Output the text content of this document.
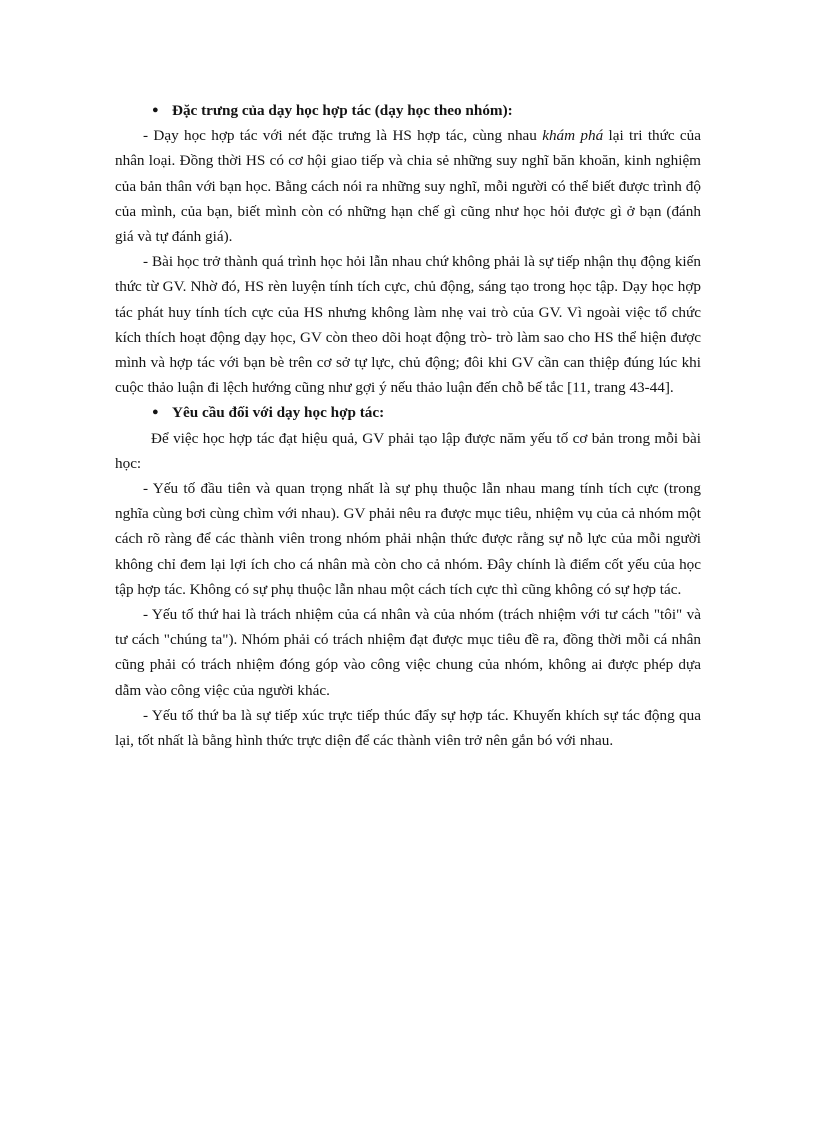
● Đặc trưng của dạy học hợp tác (dạy học theo nhóm):

- Dạy học hợp tác với nét đặc trưng là HS hợp tác, cùng nhau khám phá lại tri thức của nhân loại. Đồng thời HS có cơ hội giao tiếp và chia sẻ những suy nghĩ băn khoăn, kinh nghiệm của bản thân với bạn học. Bằng cách nói ra những suy nghĩ, mỗi người có thể biết được trình độ của mình, của bạn, biết mình còn có những hạn chế gì cũng như học hỏi được gì ở bạn (đánh giá và tự đánh giá).

- Bài học trở thành quá trình học hỏi lẫn nhau chứ không phải là sự tiếp nhận thụ động kiến thức từ GV. Nhờ đó, HS rèn luyện tính tích cực, chủ động, sáng tạo trong học tập. Dạy học hợp tác phát huy tính tích cực của HS nhưng không làm nhẹ vai trò của GV. Vì ngoài việc tổ chức kích thích hoạt động dạy học, GV còn theo dõi hoạt động trò- trò làm sao cho HS thể hiện được mình và hợp tác với bạn bè trên cơ sở tự lực, chủ động; đôi khi GV cần can thiệp đúng lúc khi cuộc thảo luận đi lệch hướng cũng như gợi ý nếu thảo luận đến chỗ bế tắc [11, trang 43-44].

● Yêu cầu đối với dạy học hợp tác:

Để việc học hợp tác đạt hiệu quả, GV phải tạo lập được năm yếu tố cơ bản trong mỗi bài học:

- Yếu tố đầu tiên và quan trọng nhất là sự phụ thuộc lẫn nhau mang tính tích cực (trong nghĩa cùng bơi cùng chìm với nhau). GV phải nêu ra được mục tiêu, nhiệm vụ của cả nhóm một cách rõ ràng để các thành viên trong nhóm phải nhận thức được rằng sự nỗ lực của mỗi người không chỉ đem lại lợi ích cho cá nhân mà còn cho cả nhóm. Đây chính là điểm cốt yếu của học tập hợp tác. Không có sự phụ thuộc lẫn nhau một cách tích cực thì cũng không có sự hợp tác.

- Yếu tố thứ hai là trách nhiệm của cá nhân và của nhóm (trách nhiệm với tư cách "tôi" và tư cách "chúng ta"). Nhóm phải có trách nhiệm đạt được mục tiêu đề ra, đồng thời mỗi cá nhân cũng phải có trách nhiệm đóng góp vào công việc chung của nhóm, không ai được phép dựa dẫm vào công việc của người khác.

- Yếu tố thứ ba là sự tiếp xúc trực tiếp thúc đẩy sự hợp tác. Khuyến khích sự tác động qua lại, tốt nhất là bằng hình thức trực diện để các thành viên trở nên gắn bó với nhau.
